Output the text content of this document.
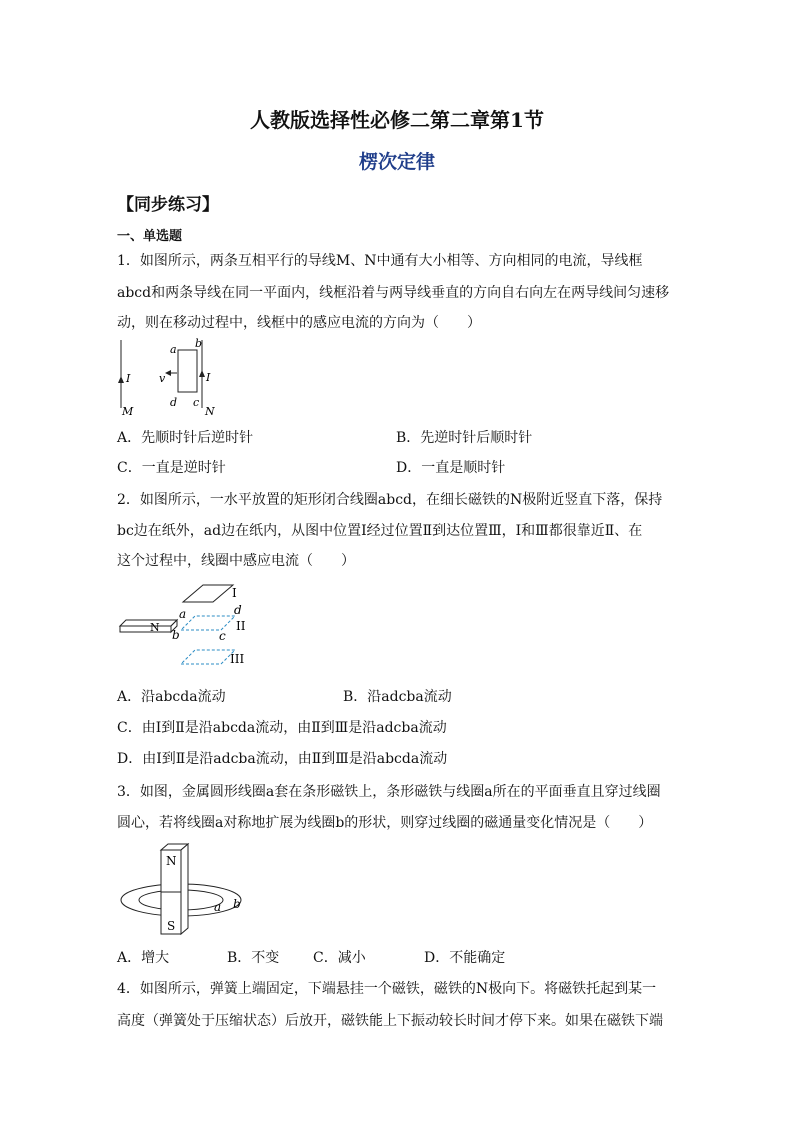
人教版选择性必修二第二章第1节
楞次定律
【同步练习】
一、单选题
1．如图所示，两条互相平行的导线M、N中通有大小相等、方向相同的电流，导线框
abcd和两条导线在同一平面内，线框沿着与两导线垂直的方向自右向左在两导线间匀速移
动，则在移动过程中，线框中的感应电流的方向为（　　）
I
M
v
a b
c
d
I
N
A．先顺时针后逆时针	B．先逆时针后顺时针
C．一直是逆时针	D．一直是顺时针
2．如图所示，一水平放置的矩形闭合线圈abcd，在细长磁铁的N极附近竖直下落，保持
bc边在纸外，ad边在纸内，从图中位置Ⅰ经过位置Ⅱ到达位置Ⅲ，Ⅰ和Ⅲ都很靠近Ⅱ、在
这个过程中，线圈中感应电流（　　）
N
I
a	d
II
b	c
III
A．沿abcda流动	B．沿adcba流动
C．由Ⅰ到Ⅱ是沿abcda流动，由Ⅱ到Ⅲ是沿adcba流动
D．由Ⅰ到Ⅱ是沿adcba流动，由Ⅱ到Ⅲ是沿abcda流动
3．如图，金属圆形线圈a套在条形磁铁上，条形磁铁与线圈a所在的平面垂直且穿过线圈
圆心，若将线圈a对称地扩展为线圈b的形状，则穿过线圈的磁通量变化情况是（　　）
N
S
a b
A．增大	B．不变 C．减小	D．不能确定
4．如图所示，弹簧上端固定，下端悬挂一个磁铁，磁铁的N极向下。将磁铁托起到某一
高度（弹簧处于压缩状态）后放开，磁铁能上下振动较长时间才停下来。如果在磁铁下端
